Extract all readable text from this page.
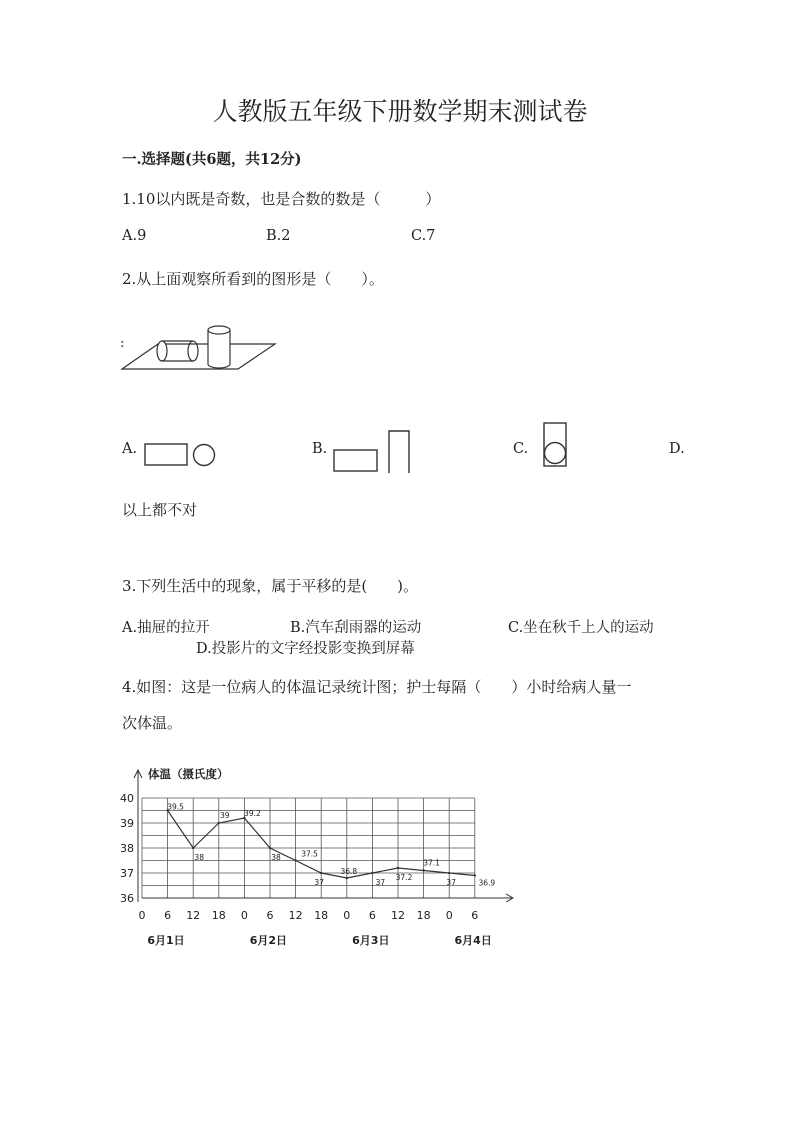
人教版五年级下册数学期末测试卷
一.选择题(共6题，共12分)
1.10以内既是奇数，也是合数的数是（　　　）
A.9	B.2	C.7
2.从上面观察所看到的图形是（　　）。
:
A.	B.	C.	D.
以上都不对
3.下列生活中的现象，属于平移的是(　　)。
A.抽屉的拉开	B.汽车刮雨器的运动	C.坐在秋千上人的运动
D.投影片的文字经投影变换到屏幕
4.如图：这是一位病人的体温记录统计图；护士每隔（　　）小时给病人量一
次体温。
36
37
38
39
40
0 6 12 18 0 6 12 18 0 6 12 18 0 6
6月1日	6月2日	6月3日	6月4日
39.5
38
39 39.2
38	37.5
37
36.8
37
37.2
37.1
37	36.9
体温（摄氏度）
